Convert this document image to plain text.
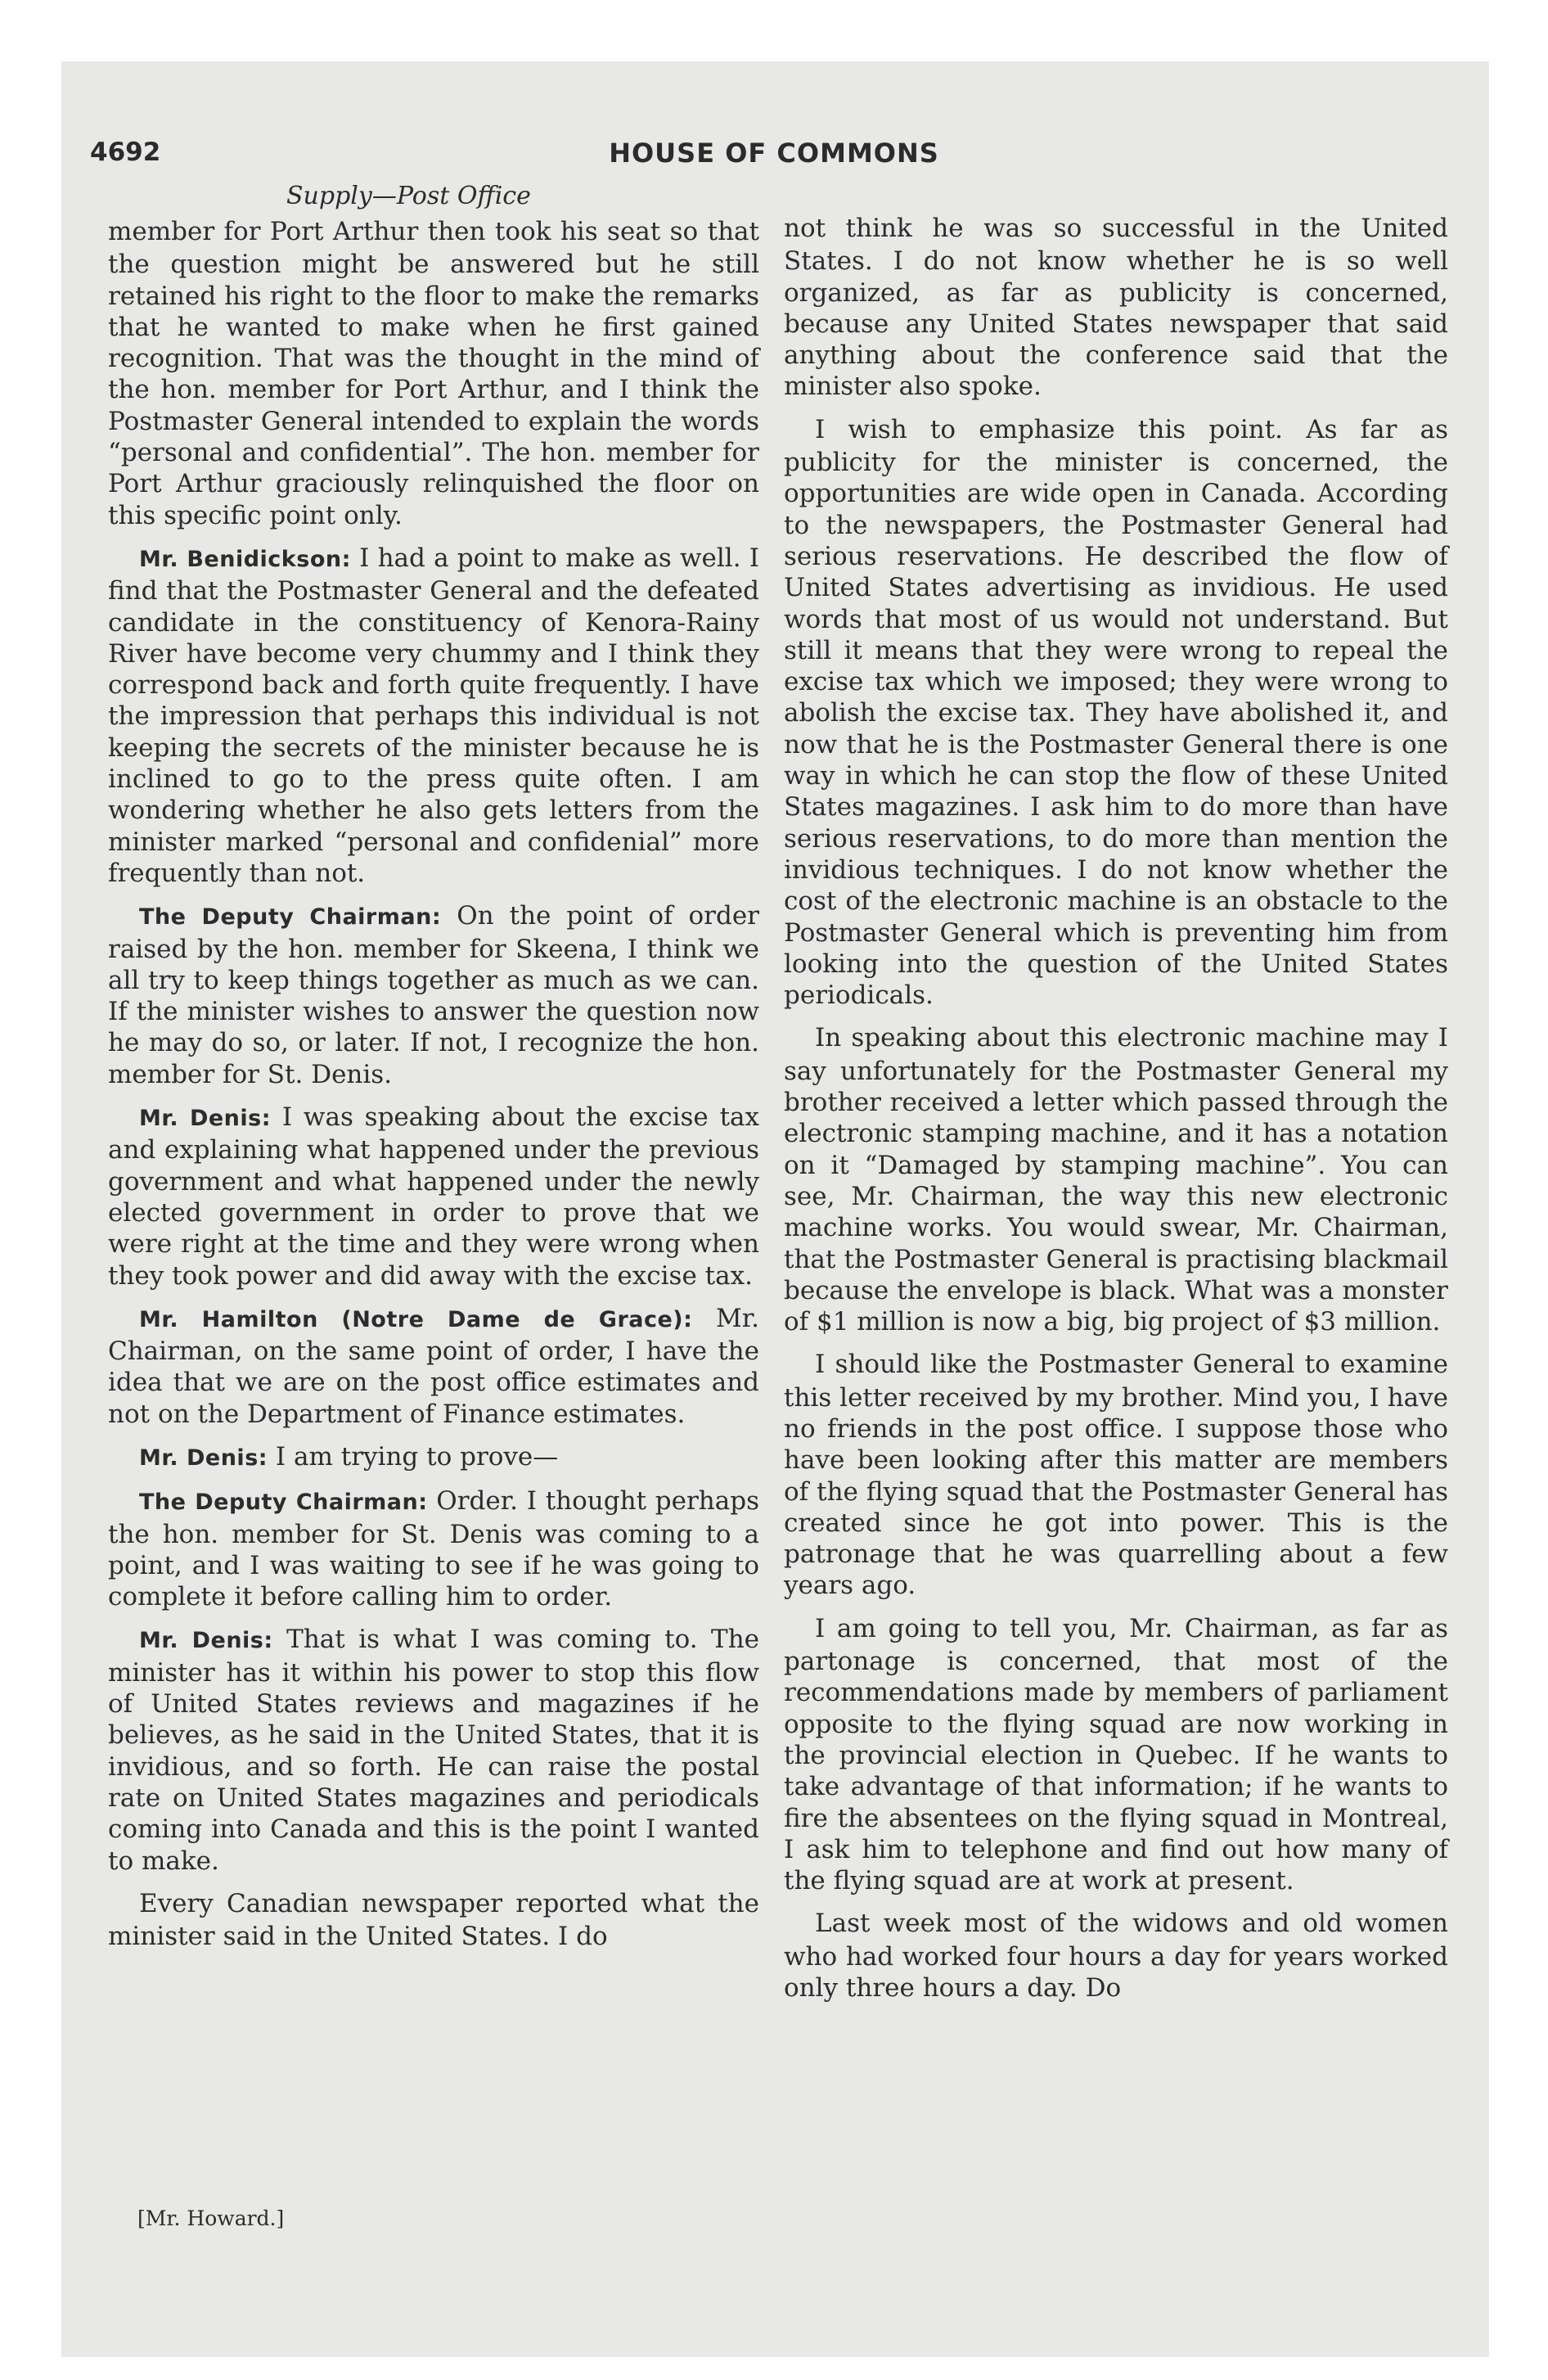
4692	HOUSE OF COMMONS
Supply—Post Office

member for Port Arthur then took his seat so that the question might be answered but he still retained his right to the floor to make the remarks that he wanted to make when he first gained recognition. That was the thought in the mind of the hon. member for Port Arthur, and I think the Postmaster General intended to explain the words “personal and confidential”. The hon. member for Port Arthur graciously relinquished the floor on this specific point only.

Mr. Benidickson: I had a point to make as well. I find that the Postmaster General and the defeated candidate in the constituency of Kenora-Rainy River have become very chummy and I think they correspond back and forth quite frequently. I have the impression that perhaps this individual is not keeping the secrets of the minister because he is inclined to go to the press quite often. I am wondering whether he also gets letters from the minister marked “personal and confidenial” more frequently than not.

The Deputy Chairman: On the point of order raised by the hon. member for Skeena, I think we all try to keep things together as much as we can. If the minister wishes to answer the question now he may do so, or later. If not, I recognize the hon. member for St. Denis.

Mr. Denis: I was speaking about the excise tax and explaining what happened under the previous government and what happened under the newly elected government in order to prove that we were right at the time and they were wrong when they took power and did away with the excise tax.

Mr. Hamilton (Notre Dame de Grace): Mr. Chairman, on the same point of order, I have the idea that we are on the post office estimates and not on the Department of Finance estimates.

Mr. Denis: I am trying to prove—

The Deputy Chairman: Order. I thought perhaps the hon. member for St. Denis was coming to a point, and I was waiting to see if he was going to complete it before calling him to order.

Mr. Denis: That is what I was coming to. The minister has it within his power to stop this flow of United States reviews and magazines if he believes, as he said in the United States, that it is invidious, and so forth. He can raise the postal rate on United States magazines and periodicals coming into Canada and this is the point I wanted to make.

Every Canadian newspaper reported what the minister said in the United States. I do

not think he was so successful in the United States. I do not know whether he is so well organized, as far as publicity is concerned, because any United States newspaper that said anything about the conference said that the minister also spoke.

I wish to emphasize this point. As far as publicity for the minister is concerned, the opportunities are wide open in Canada. According to the newspapers, the Postmaster General had serious reservations. He described the flow of United States advertising as invidious. He used words that most of us would not understand. But still it means that they were wrong to repeal the excise tax which we imposed; they were wrong to abolish the excise tax. They have abolished it, and now that he is the Postmaster General there is one way in which he can stop the flow of these United States magazines. I ask him to do more than have serious reservations, to do more than mention the invidious techniques. I do not know whether the cost of the electronic machine is an obstacle to the Postmaster General which is preventing him from looking into the question of the United States periodicals.

In speaking about this electronic machine may I say unfortunately for the Postmaster General my brother received a letter which passed through the electronic stamping machine, and it has a notation on it “Damaged by stamping machine”. You can see, Mr. Chairman, the way this new electronic machine works. You would swear, Mr. Chairman, that the Postmaster General is practising blackmail because the envelope is black. What was a monster of $1 million is now a big, big project of $3 million.

I should like the Postmaster General to examine this letter received by my brother. Mind you, I have no friends in the post office. I suppose those who have been looking after this matter are members of the flying squad that the Postmaster General has created since he got into power. This is the patronage that he was quarrelling about a few years ago.

I am going to tell you, Mr. Chairman, as far as partonage is concerned, that most of the recommendations made by members of parliament opposite to the flying squad are now working in the provincial election in Quebec. If he wants to take advantage of that information; if he wants to fire the absentees on the flying squad in Montreal, I ask him to telephone and find out how many of the flying squad are at work at present.

Last week most of the widows and old women who had worked four hours a day for years worked only three hours a day. Do

[Mr. Howard.]
